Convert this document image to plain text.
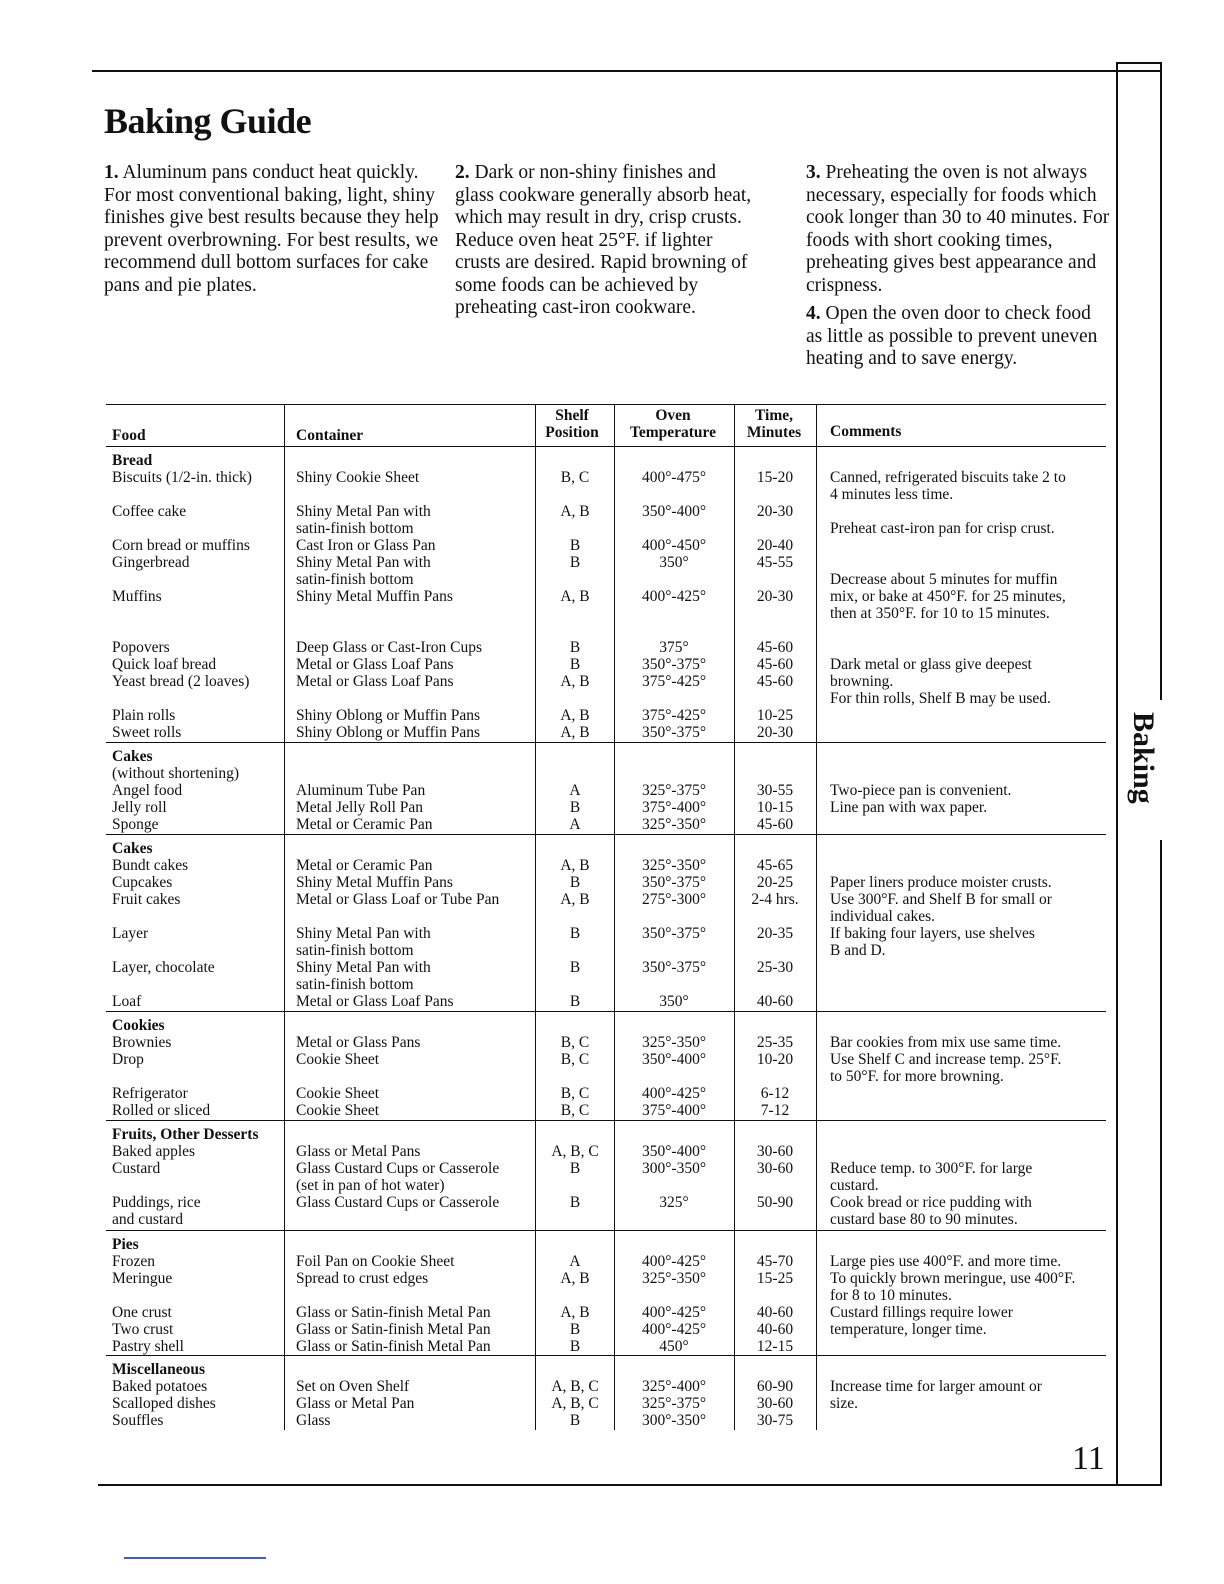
Baking Guide

1. Aluminum pans conduct heat quickly. For most conventional baking, light, shiny finishes give best results because they help prevent overbrowning. For best results, we recommend dull bottom surfaces for cake pans and pie plates.

2. Dark or non-shiny finishes and glass cookware generally absorb heat, which may result in dry, crisp crusts. Reduce oven heat 25°F. if lighter crusts are desired. Rapid browning of some foods can be achieved by preheating cast-iron cookware.

3. Preheating the oven is not always necessary, especially for foods which cook longer than 30 to 40 minutes. For foods with short cooking times, preheating gives best appearance and crispness.

4. Open the oven door to check food as little as possible to prevent uneven heating and to save energy.

Food	Container
Shelf
Position
Oven
Temperature
Time,
Minutes	Comments
Bread
Biscuits (1/2-in. thick)

Coffee cake

Corn bread or muffins
Gingerbread

Muffins

Popovers
Quick loaf bread
Yeast bread (2 loaves)

Plain rolls
Sweet rolls

Shiny Cookie Sheet

Shiny Metal Pan with
satin-finish bottom
Cast Iron or Glass Pan
Shiny Metal Pan with
satin-finish bottom
Shiny Metal Muffin Pans

Deep Glass or Cast-Iron Cups
Metal or Glass Loaf Pans
Metal or Glass Loaf Pans

Shiny Oblong or Muffin Pans
Shiny Oblong or Muffin Pans

B, C

A, B

B
B

A, B

B
B
A, B

A, B
A, B

400°-475°

350°-400°

400°-450°
350°

400°-425°

375°
350°-375°
375°-425°

375°-425°
350°-375°

15-20

20-30

20-40
45-55

20-30

45-60
45-60
45-60

10-25
20-30

Canned, refrigerated biscuits take 2 to
4 minutes less time.

Preheat cast-iron pan for crisp crust.

Decrease about 5 minutes for muffin
mix, or bake at 450°F. for 25 minutes,
then at 350°F. for 10 to 15 minutes.

Dark metal or glass give deepest
browning.
For thin rolls, Shelf B may be used.
Cakes
(without shortening)
Angel food
Jelly roll
Sponge

Aluminum Tube Pan
Metal Jelly Roll Pan
Metal or Ceramic Pan

A
B
A

325°-375°
375°-400°
325°-350°

30-55
10-15
45-60

Two-piece pan is convenient.
Line pan with wax paper.
Cakes
Bundt cakes
Cupcakes
Fruit cakes

Layer

Layer, chocolate

Loaf

Metal or Ceramic Pan
Shiny Metal Muffin Pans
Metal or Glass Loaf or Tube Pan

Shiny Metal Pan with
satin-finish bottom
Shiny Metal Pan with
satin-finish bottom
Metal or Glass Loaf Pans

A, B
B
A, B

B

B

B

325°-350°
350°-375°
275°-300°

350°-375°

350°-375°

350°

45-65
20-25
2-4 hrs.

20-35

25-30

40-60

Paper liners produce moister crusts.
Use 300°F. and Shelf B for small or
individual cakes.
If baking four layers, use shelves
B and D.
Cookies
Brownies
Drop

Refrigerator
Rolled or sliced

Metal or Glass Pans
Cookie Sheet

Cookie Sheet
Cookie Sheet

B, C
B, C

B, C
B, C

325°-350°
350°-400°

400°-425°
375°-400°

25-35
10-20

6-12
7-12

Bar cookies from mix use same time.
Use Shelf C and increase temp. 25°F.
to 50°F. for more browning.
Fruits, Other Desserts
Baked apples
Custard

Puddings, rice
and custard

Glass or Metal Pans
Glass Custard Cups or Casserole
(set in pan of hot water)
Glass Custard Cups or Casserole

A, B, C
B

B

350°-400°
300°-350°

325°

30-60
30-60

50-90

Reduce temp. to 300°F. for large
custard.
Cook bread or rice pudding with
custard base 80 to 90 minutes.
Pies
Frozen
Meringue

One crust
Two crust
Pastry shell

Foil Pan on Cookie Sheet
Spread to crust edges

Glass or Satin-finish Metal Pan
Glass or Satin-finish Metal Pan
Glass or Satin-finish Metal Pan

A
A, B

A, B
B
B

400°-425°
325°-350°

400°-425°
400°-425°
450°

45-70
15-25

40-60
40-60
12-15

Large pies use 400°F. and more time.
To quickly brown meringue, use 400°F.
for 8 to 10 minutes.
Custard fillings require lower
temperature, longer time.
Miscellaneous
Baked potatoes
Scalloped dishes
Souffles

Set on Oven Shelf
Glass or Metal Pan
Glass

A, B, C
A, B, C
B

325°-400°
325°-375°
300°-350°

60-90
30-60
30-75

Increase time for larger amount or
size.
Baking
11
